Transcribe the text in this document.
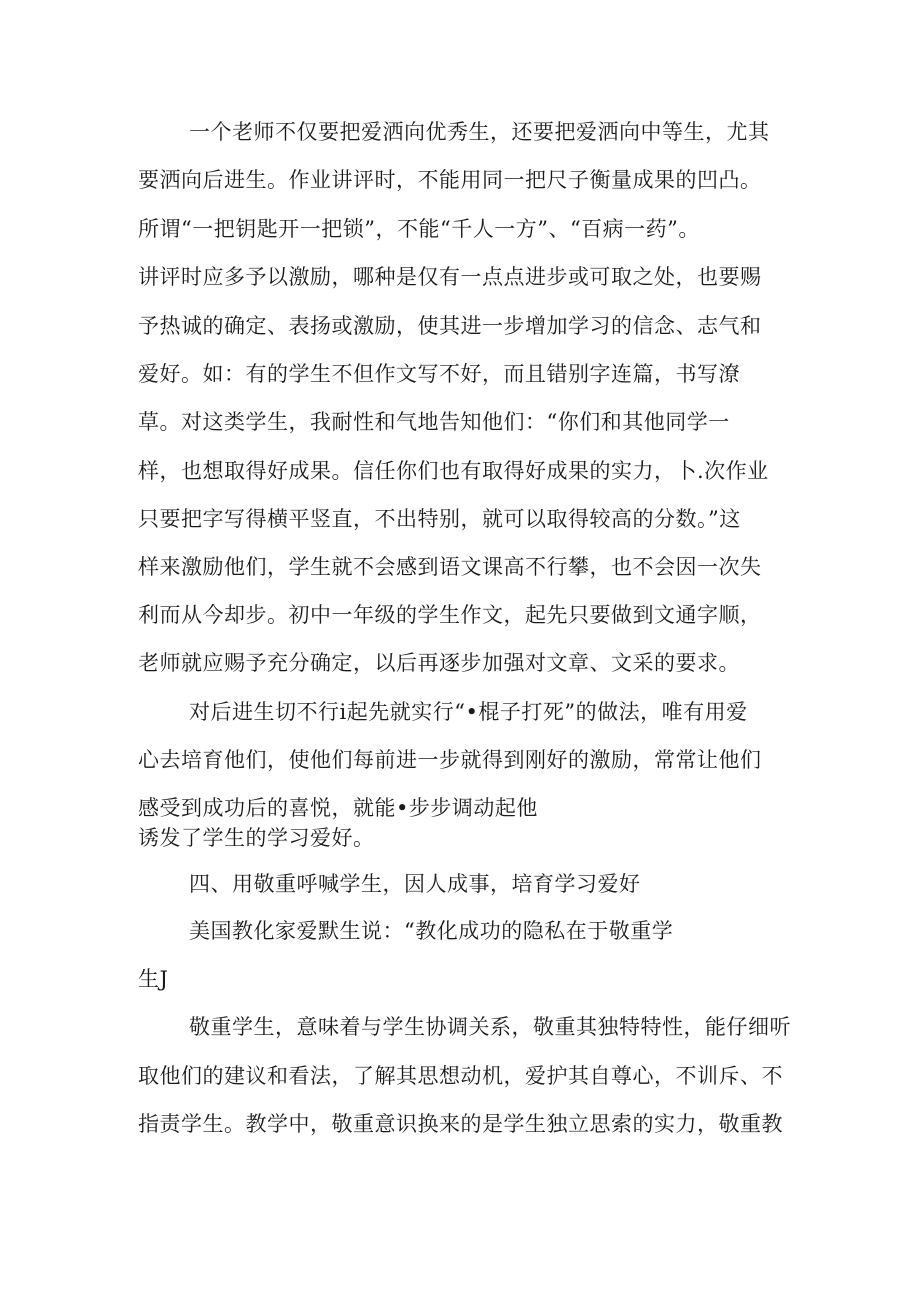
一个老师不仅要把爱洒向优秀生，还要把爱洒向中等生，尤其

要洒向后进生。作业讲评时，不能用同一把尺子衡量成果的凹凸。

所谓“一把钥匙开一把锁”，不能“千人一方”、“百病一药”。

讲评时应多予以激励，哪种是仅有一点点进步或可取之处，也要赐

予热诚的确定、表扬或激励，使其进一步增加学习的信念、志气和

爱好。如：有的学生不但作文写不好，而且错别字连篇，书写潦

草。对这类学生，我耐性和气地告知他们：“你们和其他同学一

样，也想取得好成果。信任你们也有取得好成果的实力，卜.次作业

只要把字写得横平竖直，不出特别，就可以取得较高的分数。”这

样来激励他们，学生就不会感到语文课高不行攀，也不会因一次失

利而从今却步。初中一年级的学生作文，起先只要做到文通字顺，

老师就应赐予充分确定，以后再逐步加强对文章、文采的要求。

对后进生切不行i起先就实行“•棍子打死”的做法，唯有用爱

心去培育他们，使他们每前进一步就得到刚好的激励，常常让他们

感受到成功后的喜悦，就能•步步调动起他

诱发了学生的学习爱好。

四、用敬重呼喊学生，因人成事，培育学习爱好

美国教化家爱默生说：“教化成功的隐私在于敬重学

生J

敬重学生，意味着与学生协调关系，敬重其独特特性，能仔细听

取他们的建议和看法，了解其思想动机，爱护其自尊心，不训斥、不

指责学生。教学中，敬重意识换来的是学生独立思索的实力，敬重教
